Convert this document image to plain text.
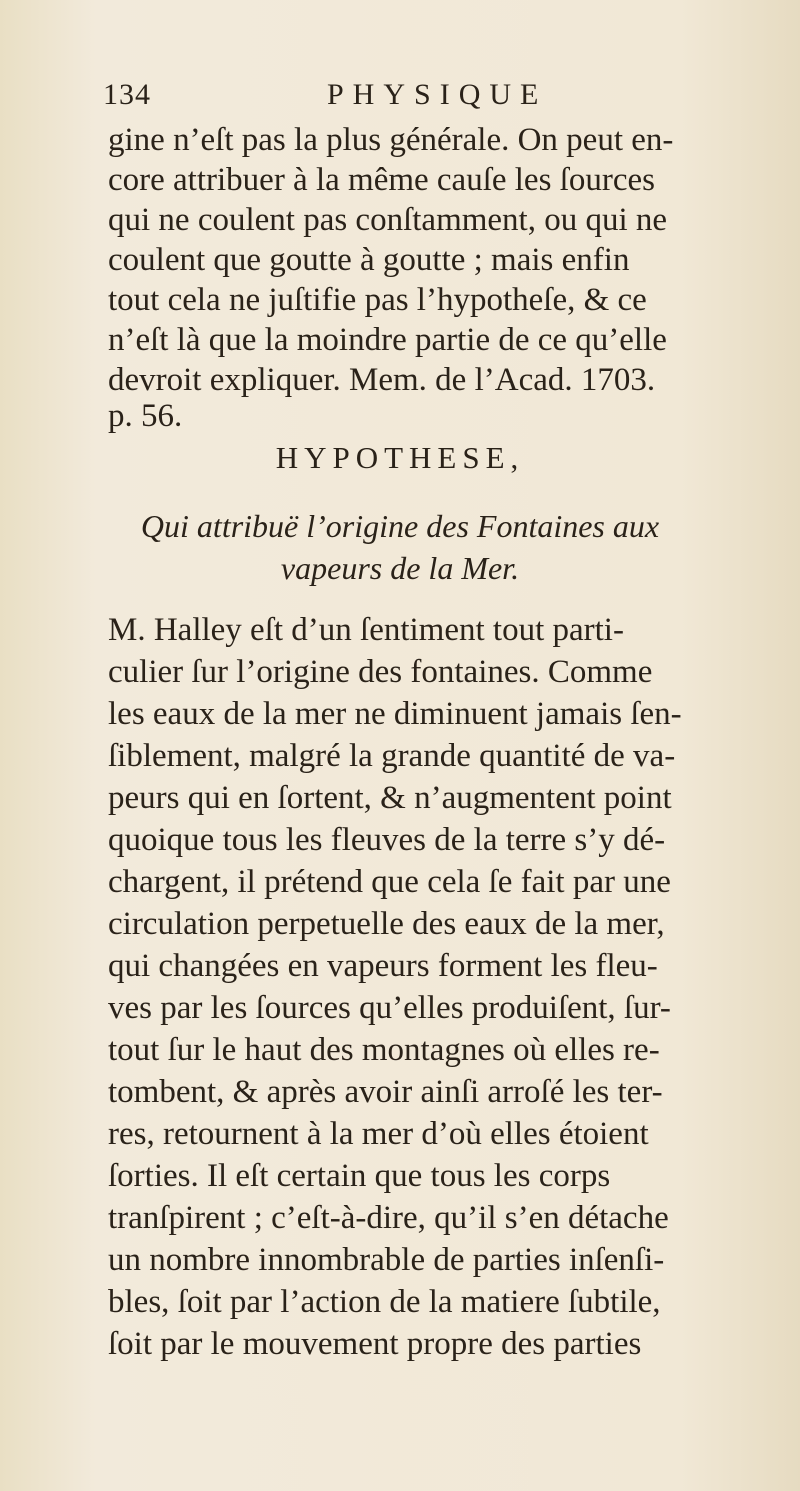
134	PHYSIQUE
gine n’eſt pas la plus générale. On peut en-
core attribuer à la même cauſe les ſources
qui ne coulent pas conſtamment, ou qui ne
coulent que goutte à goutte ; mais enfin
tout cela ne juſtifie pas l’hypotheſe, & ce
n’eſt là que la moindre partie de ce qu’elle
devroit expliquer. Mem. de l’Acad. 1703.
p. 56.
HYPOTHESE,
Qui attribuë l’origine des Fontaines aux
vapeurs de la Mer.
M. Halley eſt d’un ſentiment tout parti-
culier ſur l’origine des fontaines. Comme
les eaux de la mer ne diminuent jamais ſen-
ſiblement, malgré la grande quantité de va-
peurs qui en ſortent, & n’augmentent point
quoique tous les fleuves de la terre s’y dé-
chargent, il prétend que cela ſe fait par une
circulation perpetuelle des eaux de la mer,
qui changées en vapeurs forment les fleu-
ves par les ſources qu’elles produiſent, ſur-
tout ſur le haut des montagnes où elles re-
tombent, & après avoir ainſi arroſé les ter-
res, retournent à la mer d’où elles étoient
ſorties. Il eſt certain que tous les corps
tranſpirent ; c’eſt-à-dire, qu’il s’en détache
un nombre innombrable de parties inſenſi-
bles, ſoit par l’action de la matiere ſubtile,
ſoit par le mouvement propre des parties
